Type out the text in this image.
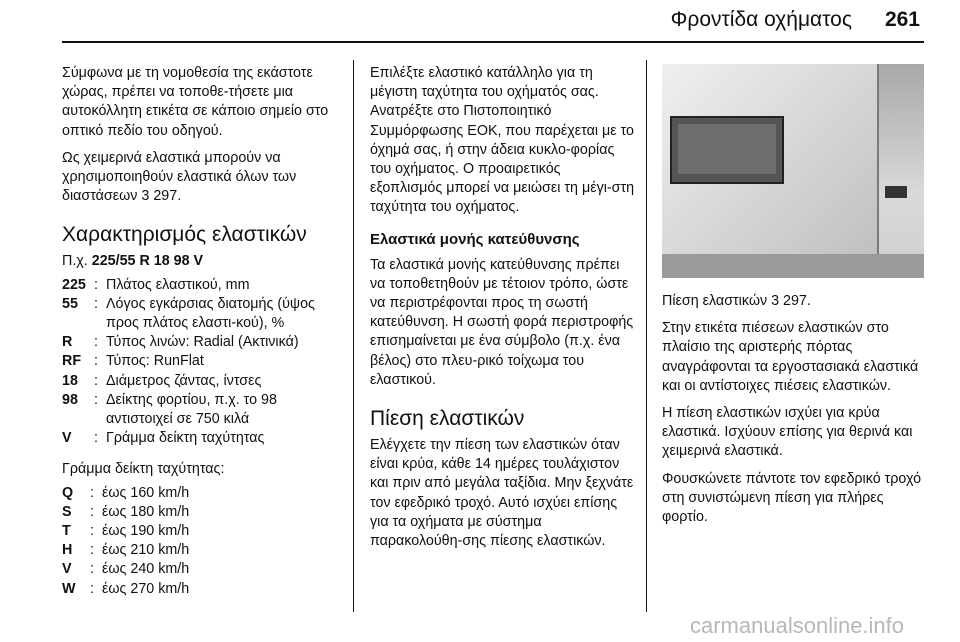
Φροντίδα οχήματος 261

Σύμφωνα με τη νομοθεσία της εκάστοτε χώρας, πρέπει να τοποθε-τήσετε μια αυτοκόλλητη ετικέτα σε κάποιο σημείο στο οπτικό πεδίο του οδηγού.

Ως χειμερινά ελαστικά μπορούν να χρησιμοποιηθούν ελαστικά όλων των διαστάσεων 3 297.

Χαρακτηρισμός ελαστικών
Π.χ. 225/55 R 18 98 V
225 : Πλάτος ελαστικού, mm
55	: Λόγος εγκάρσιας διατομής (ύψος προς πλάτος ελαστι-κού), %
R	: Τύπος λινών: Radial (Ακτινικά)
RF : Τύπος: RunFlat
18	: Διάμετρος ζάντας, ίντσες
98	: Δείκτης φορτίου, π.χ. το 98 αντιστοιχεί σε 750 κιλά
V	: Γράμμα δείκτη ταχύτητας

Γράμμα δείκτη ταχύτητας:

Q	: έως 160 km/h
S	: έως 180 km/h
T	: έως 190 km/h
H	: έως 210 km/h
V	: έως 240 km/h
W	: έως 270 km/h

Επιλέξτε ελαστικό κατάλληλο για τη μέγιστη ταχύτητα του οχήματός σας. Ανατρέξτε στο Πιστοποιητικό Συμμόρφωσης ΕΟΚ, που παρέχεται με το όχημά σας, ή στην άδεια κυκλο-φορίας του οχήματος. Ο προαιρετικός εξοπλισμός μπορεί να μειώσει τη μέγι-στη ταχύτητα του οχήματος.

Ελαστικά μονής κατεύθυνσης

Τα ελαστικά μονής κατεύθυνσης πρέπει να τοποθετηθούν με τέτοιον τρόπο, ώστε να περιστρέφονται προς τη σωστή κατεύθυνση. Η σωστή φορά περιστροφής επισημαίνεται με ένα σύμβολο (π.χ. ένα βέλος) στο πλευ-ρικό τοίχωμα του ελαστικού.

Πίεση ελαστικών

Ελέγχετε την πίεση των ελαστικών όταν είναι κρύα, κάθε 14 ημέρες τουλάχιστον και πριν από μεγάλα ταξίδια. Μην ξεχνάτε τον εφεδρικό τροχό. Αυτό ισχύει επίσης για τα οχήματα με σύστημα παρακολούθη-σης πίεσης ελαστικών.

Πίεση ελαστικών 3 297.

Στην ετικέτα πιέσεων ελαστικών στο πλαίσιο της αριστερής πόρτας αναγράφονται τα εργοστασιακά ελαστικά και οι αντίστοιχες πιέσεις ελαστικών.

Η πίεση ελαστικών ισχύει για κρύα ελαστικά. Ισχύουν επίσης για θερινά και χειμερινά ελαστικά.

Φουσκώνετε πάντοτε τον εφεδρικό τροχό στη συνιστώμενη πίεση για πλήρες φορτίο.

carmanualsonline.info
